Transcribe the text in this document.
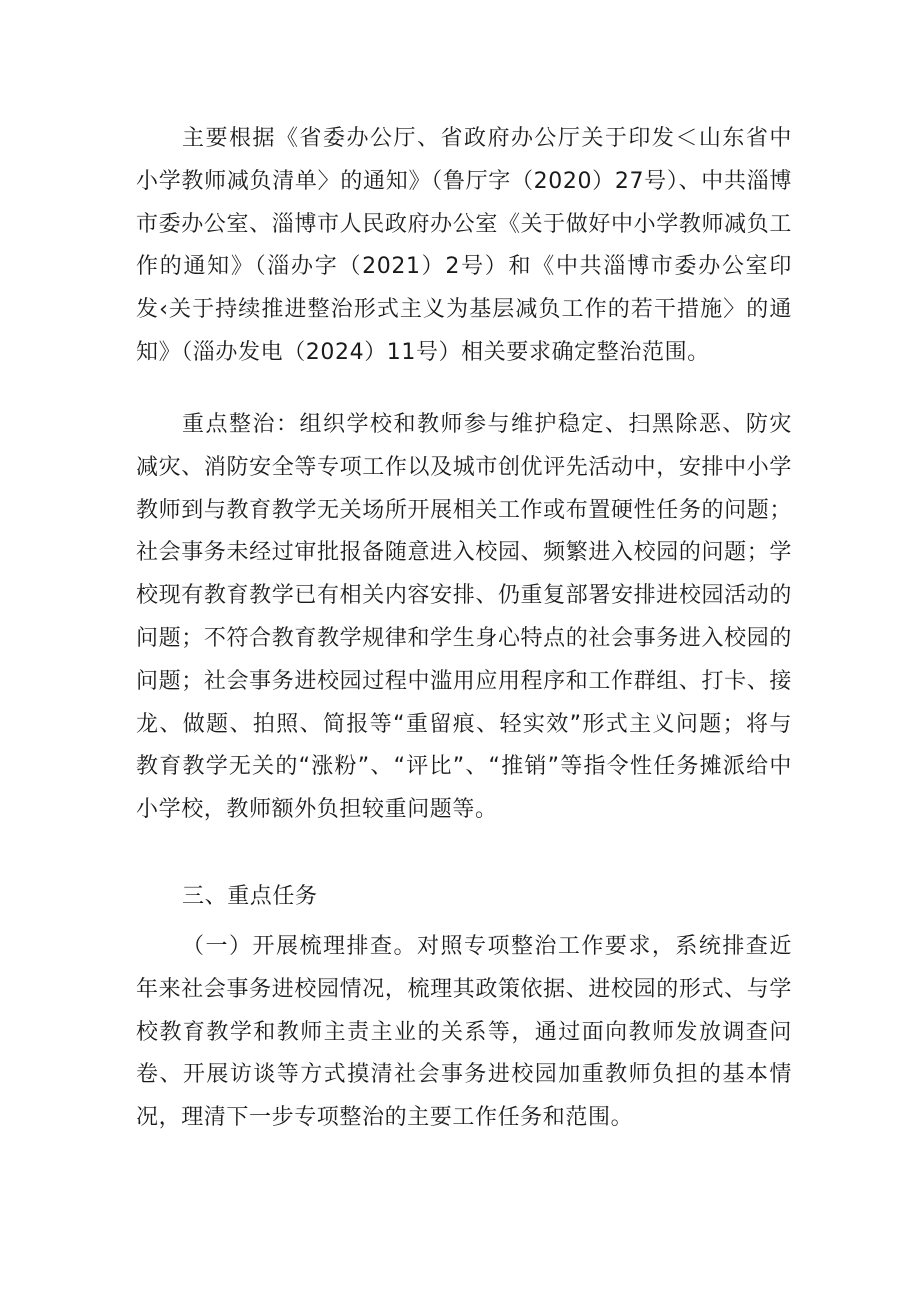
主要根据《省委办公厅、省政府办公厅关于印发＜山东省中小学教师减负清单〉的通知》（鲁厅字（2020）27号）、中共淄博市委办公室、淄博市人民政府办公室《关于做好中小学教师减负工作的通知》（淄办字（2021）2号）和《中共淄博市委办公室印发‹关于持续推进整治形式主义为基层减负工作的若干措施〉的通知》（淄办发电（2024）11号）相关要求确定整治范围。

重点整治：组织学校和教师参与维护稳定、扫黑除恶、防灾减灾、消防安全等专项工作以及城市创优评先活动中，安排中小学教师到与教育教学无关场所开展相关工作或布置硬性任务的问题；社会事务未经过审批报备随意进入校园、频繁进入校园的问题；学校现有教育教学已有相关内容安排、仍重复部署安排进校园活动的问题；不符合教育教学规律和学生身心特点的社会事务进入校园的问题；社会事务进校园过程中滥用应用程序和工作群组、打卡、接龙、做题、拍照、简报等“重留痕、轻实效”形式主义问题；将与教育教学无关的“涨粉”、“评比”、“推销”等指令性任务摊派给中小学校，教师额外负担较重问题等。

三、重点任务

（一）开展梳理排查。对照专项整治工作要求，系统排查近年来社会事务进校园情况，梳理其政策依据、进校园的形式、与学校教育教学和教师主责主业的关系等，通过面向教师发放调查问卷、开展访谈等方式摸清社会事务进校园加重教师负担的基本情况，理清下一步专项整治的主要工作任务和范围。
